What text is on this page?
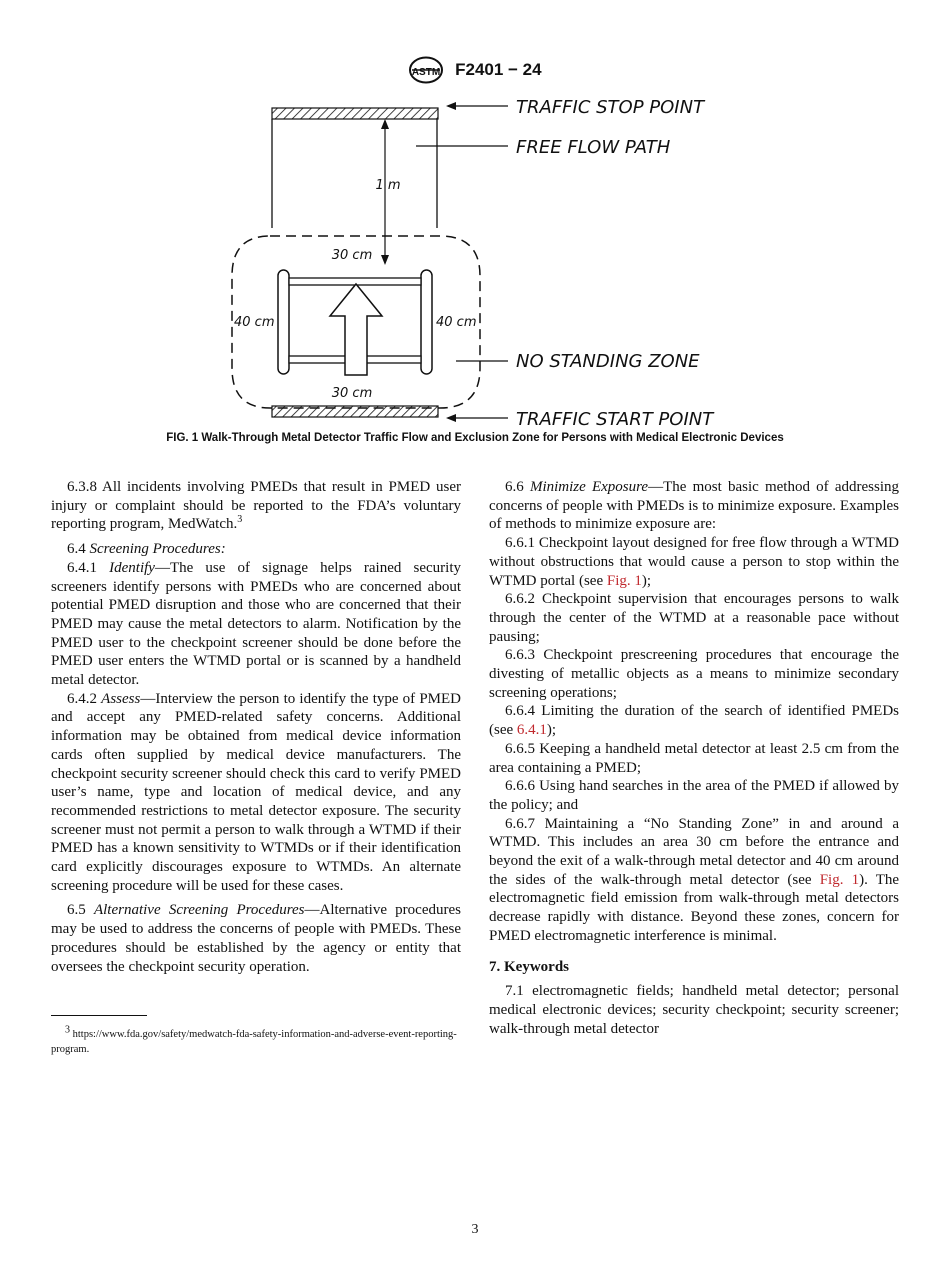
ASTM F2401 − 24
1 m
30 cm
30 cm
40 cm	40 cm
TRAFFIC STOP POINT
FREE FLOW PATH
NO STANDING ZONE
TRAFFIC START POINT
FIG. 1 Walk-Through Metal Detector Traffic Flow and Exclusion Zone for Persons with Medical Electronic Devices

6.3.8 All incidents involving PMEDs that result in PMED user injury or complaint should be reported to the FDA’s voluntary reporting program, MedWatch.$^3$

6.4 Screening Procedures:

6.4.1 Identify—The use of signage helps rained security screeners identify persons with PMEDs who are concerned about potential PMED disruption and those who are concerned that their PMED may cause the metal detectors to alarm. Notification by the PMED user to the checkpoint screener should be done before the PMED user enters the WTMD portal or is scanned by a handheld metal detector.

6.4.2 Assess—Interview the person to identify the type of PMED and accept any PMED-related safety concerns. Additional information may be obtained from medical device information cards often supplied by medical device manufacturers. The checkpoint security screener should check this card to verify PMED user’s name, type and location of medical device, and any recommended restrictions to metal detector exposure. The security screener must not permit a person to walk through a WTMD if their PMED has a known sensitivity to WTMDs or if their identification card explicitly discourages exposure to WTMDs. An alternate screening procedure will be used for these cases.

6.5 Alternative Screening Procedures—Alternative procedures may be used to address the concerns of people with PMEDs. These procedures should be established by the agency or entity that oversees the checkpoint security operation.

6.6 Minimize Exposure—The most basic method of addressing concerns of people with PMEDs is to minimize exposure. Examples of methods to minimize exposure are:

6.6.1 Checkpoint layout designed for free flow through a WTMD without obstructions that would cause a person to stop within the WTMD portal (see Fig. 1);

6.6.2 Checkpoint supervision that encourages persons to walk through the center of the WTMD at a reasonable pace without pausing;

6.6.3 Checkpoint prescreening procedures that encourage the divesting of metallic objects as a means to minimize secondary screening operations;

6.6.4 Limiting the duration of the search of identified PMEDs (see 6.4.1);

6.6.5 Keeping a handheld metal detector at least 2.5 cm from the area containing a PMED;

6.6.6 Using hand searches in the area of the PMED if allowed by the policy; and

6.6.7 Maintaining a “No Standing Zone” in and around a WTMD. This includes an area 30 cm before the entrance and beyond the exit of a walk-through metal detector and 40 cm around the sides of the walk-through metal detector (see Fig. 1). The electromagnetic field emission from walk-through metal detectors decrease rapidly with distance. Beyond these zones, concern for PMED electromagnetic interference is minimal.

7. Keywords

7.1 electromagnetic fields; handheld metal detector; personal medical electronic devices; security checkpoint; security screener; walk-through metal detector

$^3$ https://www.fda.gov/safety/medwatch-fda-safety-information-and-adverse-event-reporting-program.
3
